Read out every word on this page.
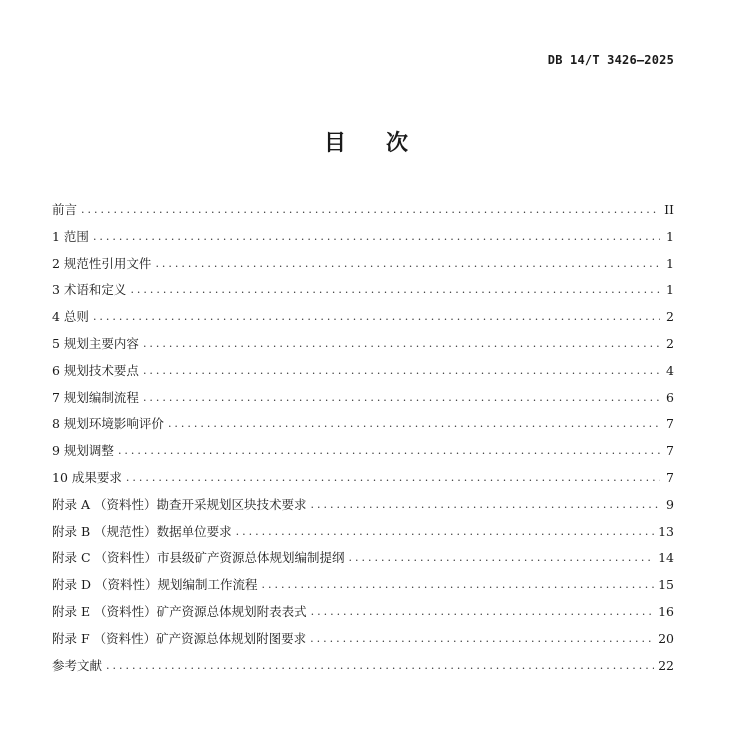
DB 14/T 3426—2025
目 次
前言 .....	II
1 范围 .....	1
2 规范性引用文件 .....	1
3 术语和定义 .....	1
4 总则 .....	2
5 规划主要内容 .....	2
6 规划技术要点 .....	4
7 规划编制流程 .....	6
8 规划环境影响评价 .....	7
9 规划调整 .....	7
10 成果要求 .....	7
附录 A （资料性）勘查开采规划区块技术要求 .....	9
附录 B （规范性）数据单位要求 .....	13
附录 C （资料性）市县级矿产资源总体规划编制提纲 .....	14
附录 D （资料性）规划编制工作流程 .....	15
附录 E （资料性）矿产资源总体规划附表表式 .....	16
附录 F （资料性）矿产资源总体规划附图要求 .....	20
参考文献 .....	22
